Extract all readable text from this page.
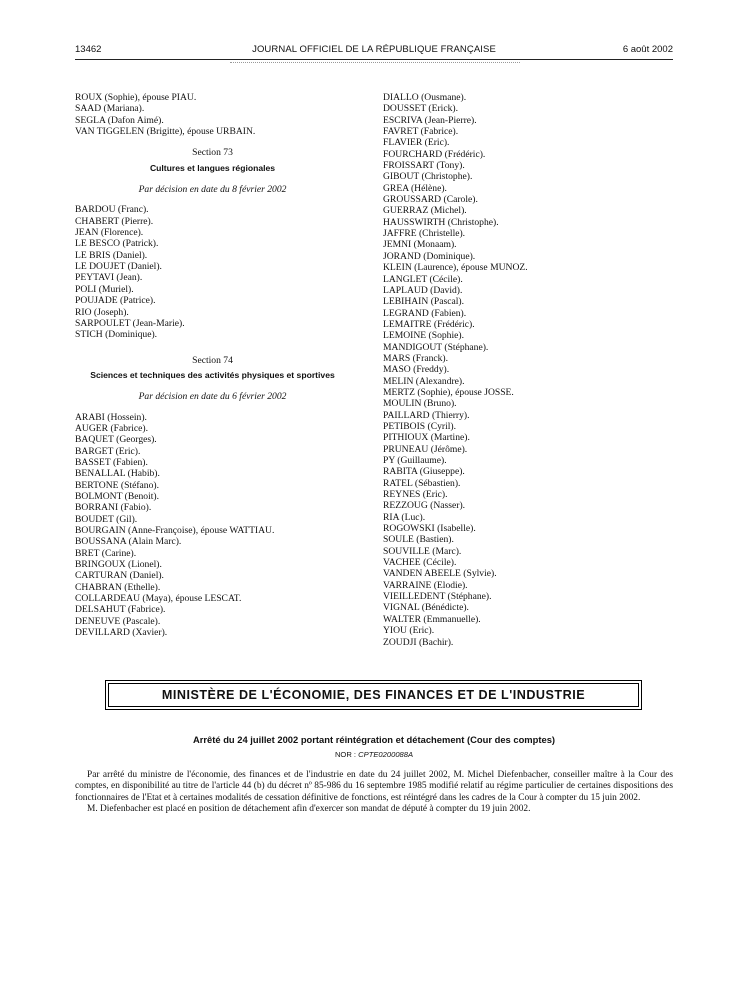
13462	JOURNAL OFFICIEL DE LA RÉPUBLIQUE FRANÇAISE	6 août 2002
ROUX (Sophie), épouse PIAU.
SAAD (Mariana).
SEGLA (Dafon Aimé).
VAN TIGGELEN (Brigitte), épouse URBAIN.
Section 73
Cultures et langues régionales
Par décision en date du 8 février 2002
BARDOU (Franc).
CHABERT (Pierre).
JEAN (Florence).
LE BESCO (Patrick).
LE BRIS (Daniel).
LE DOUJET (Daniel).
PEYTAVI (Jean).
POLI (Muriel).
POUJADE (Patrice).
RIO (Joseph).
SARPOULET (Jean-Marie).
STICH (Dominique).
Section 74
Sciences et techniques des activités physiques et sportives
Par décision en date du 6 février 2002
ARABI (Hossein).
AUGER (Fabrice).
BAQUET (Georges).
BARGET (Eric).
BASSET (Fabien).
BENALLAL (Habib).
BERTONE (Stéfano).
BOLMONT (Benoit).
BORRANI (Fabio).
BOUDET (Gil).
BOURGAIN (Anne-Françoise), épouse WATTIAU.
BOUSSANA (Alain Marc).
BRET (Carine).
BRINGOUX (Lionel).
CARTURAN (Daniel).
CHABRAN (Ethelle).
COLLARDEAU (Maya), épouse LESCAT.
DELSAHUT (Fabrice).
DENEUVE (Pascale).
DEVILLARD (Xavier).
DIALLO (Ousmane).
DOUSSET (Erick).
ESCRIVA (Jean-Pierre).
FAVRET (Fabrice).
FLAVIER (Eric).
FOURCHARD (Frédéric).
FROISSART (Tony).
GIBOUT (Christophe).
GREA (Hélène).
GROUSSARD (Carole).
GUERRAZ (Michel).
HAUSSWIRTH (Christophe).
JAFFRE (Christelle).
JEMNI (Monaam).
JORAND (Dominique).
KLEIN (Laurence), épouse MUNOZ.
LANGLET (Cécile).
LAPLAUD (David).
LEBIHAIN (Pascal).
LEGRAND (Fabien).
LEMAITRE (Frédéric).
LEMOINE (Sophie).
MANDIGOUT (Stéphane).
MARS (Franck).
MASO (Freddy).
MELIN (Alexandre).
MERTZ (Sophie), épouse JOSSE.
MOULIN (Bruno).
PAILLARD (Thierry).
PETIBOIS (Cyril).
PITHIOUX (Martine).
PRUNEAU (Jérôme).
PY (Guillaume).
RABITA (Giuseppe).
RATEL (Sébastien).
REYNES (Eric).
REZZOUG (Nasser).
RIA (Luc).
ROGOWSKI (Isabelle).
SOULE (Bastien).
SOUVILLE (Marc).
VACHEE (Cécile).
VANDEN ABEELE (Sylvie).
VARRAINE (Elodie).
VIEILLEDENT (Stéphane).
VIGNAL (Bénédicte).
WALTER (Emmanuelle).
YIOU (Eric).
ZOUDJI (Bachir).
MINISTÈRE DE L'ÉCONOMIE, DES FINANCES ET DE L'INDUSTRIE
Arrêté du 24 juillet 2002 portant réintégration et détachement (Cour des comptes)
NOR : CPTE0200088A

Par arrêté du ministre de l'économie, des finances et de l'industrie en date du 24 juillet 2002, M. Michel Diefenbacher, conseiller maître à la Cour des comptes, en disponibilité au titre de l'article 44 (b) du décret nº 85-986 du 16 septembre 1985 modifié relatif au régime particulier de certaines dispositions des fonctionnaires de l'Etat et à certaines modalités de cessation définitive de fonctions, est réintégré dans les cadres de la Cour à compter du 15 juin 2002.

M. Diefenbacher est placé en position de détachement afin d'exercer son mandat de député à compter du 19 juin 2002.
